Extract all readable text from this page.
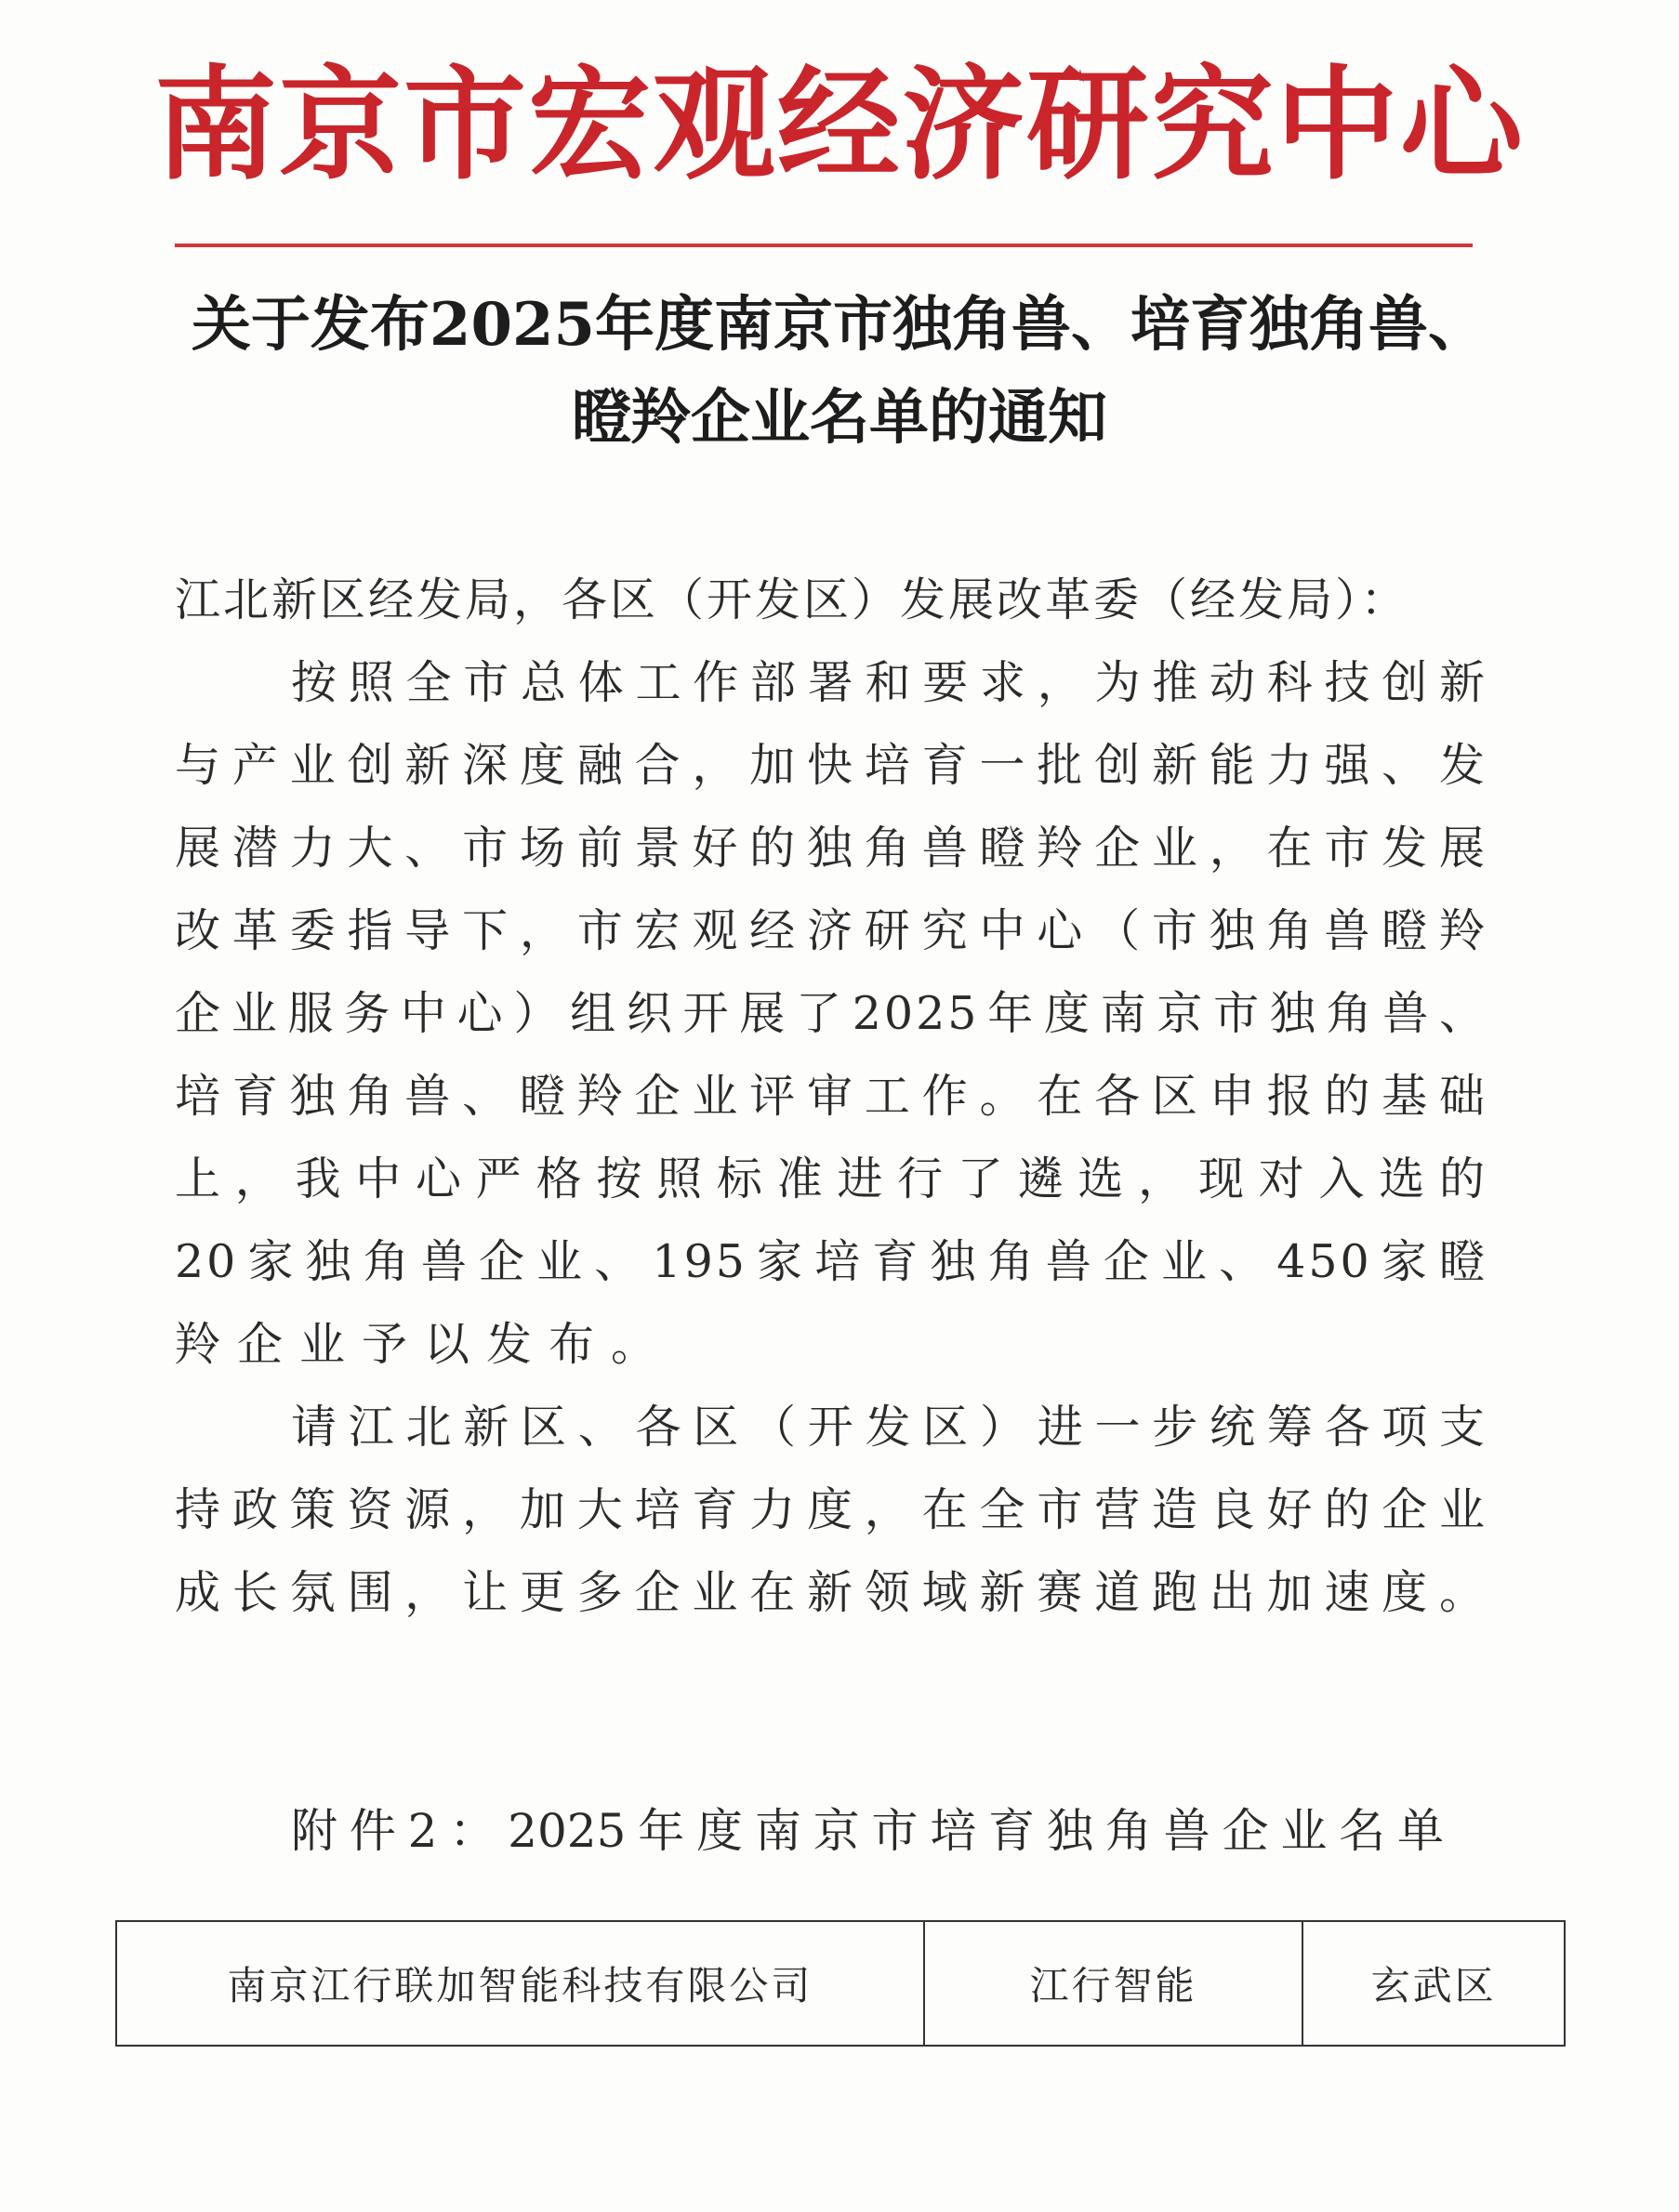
南京市宏观经济研究中心
关于发布2025年度南京市独角兽、培育独角兽、
瞪羚企业名单的通知
江北新区经发局，各区（开发区）发展改革委（经发局）：
按照全市总体工作部署和要求，为推动科技创新
与产业创新深度融合，加快培育一批创新能力强、发
展潜力大、市场前景好的独角兽瞪羚企业，在市发展
改革委指导下，市宏观经济研究中心（市独角兽瞪羚
企业服务中心）组织开展了2025年度南京市独角兽、
培育独角兽、瞪羚企业评审工作。在各区申报的基础
上，我中心严格按照标准进行了遴选，现对入选的
20家独角兽企业、195家培育独角兽企业、450家瞪
羚企业予以发布。
请江北新区、各区（开发区）进一步统筹各项支
持政策资源，加大培育力度，在全市营造良好的企业
成长氛围，让更多企业在新领域新赛道跑出加速度。
附件2：2025年度南京市培育独角兽企业名单
南京江行联加智能科技有限公司	江行智能	玄武区
